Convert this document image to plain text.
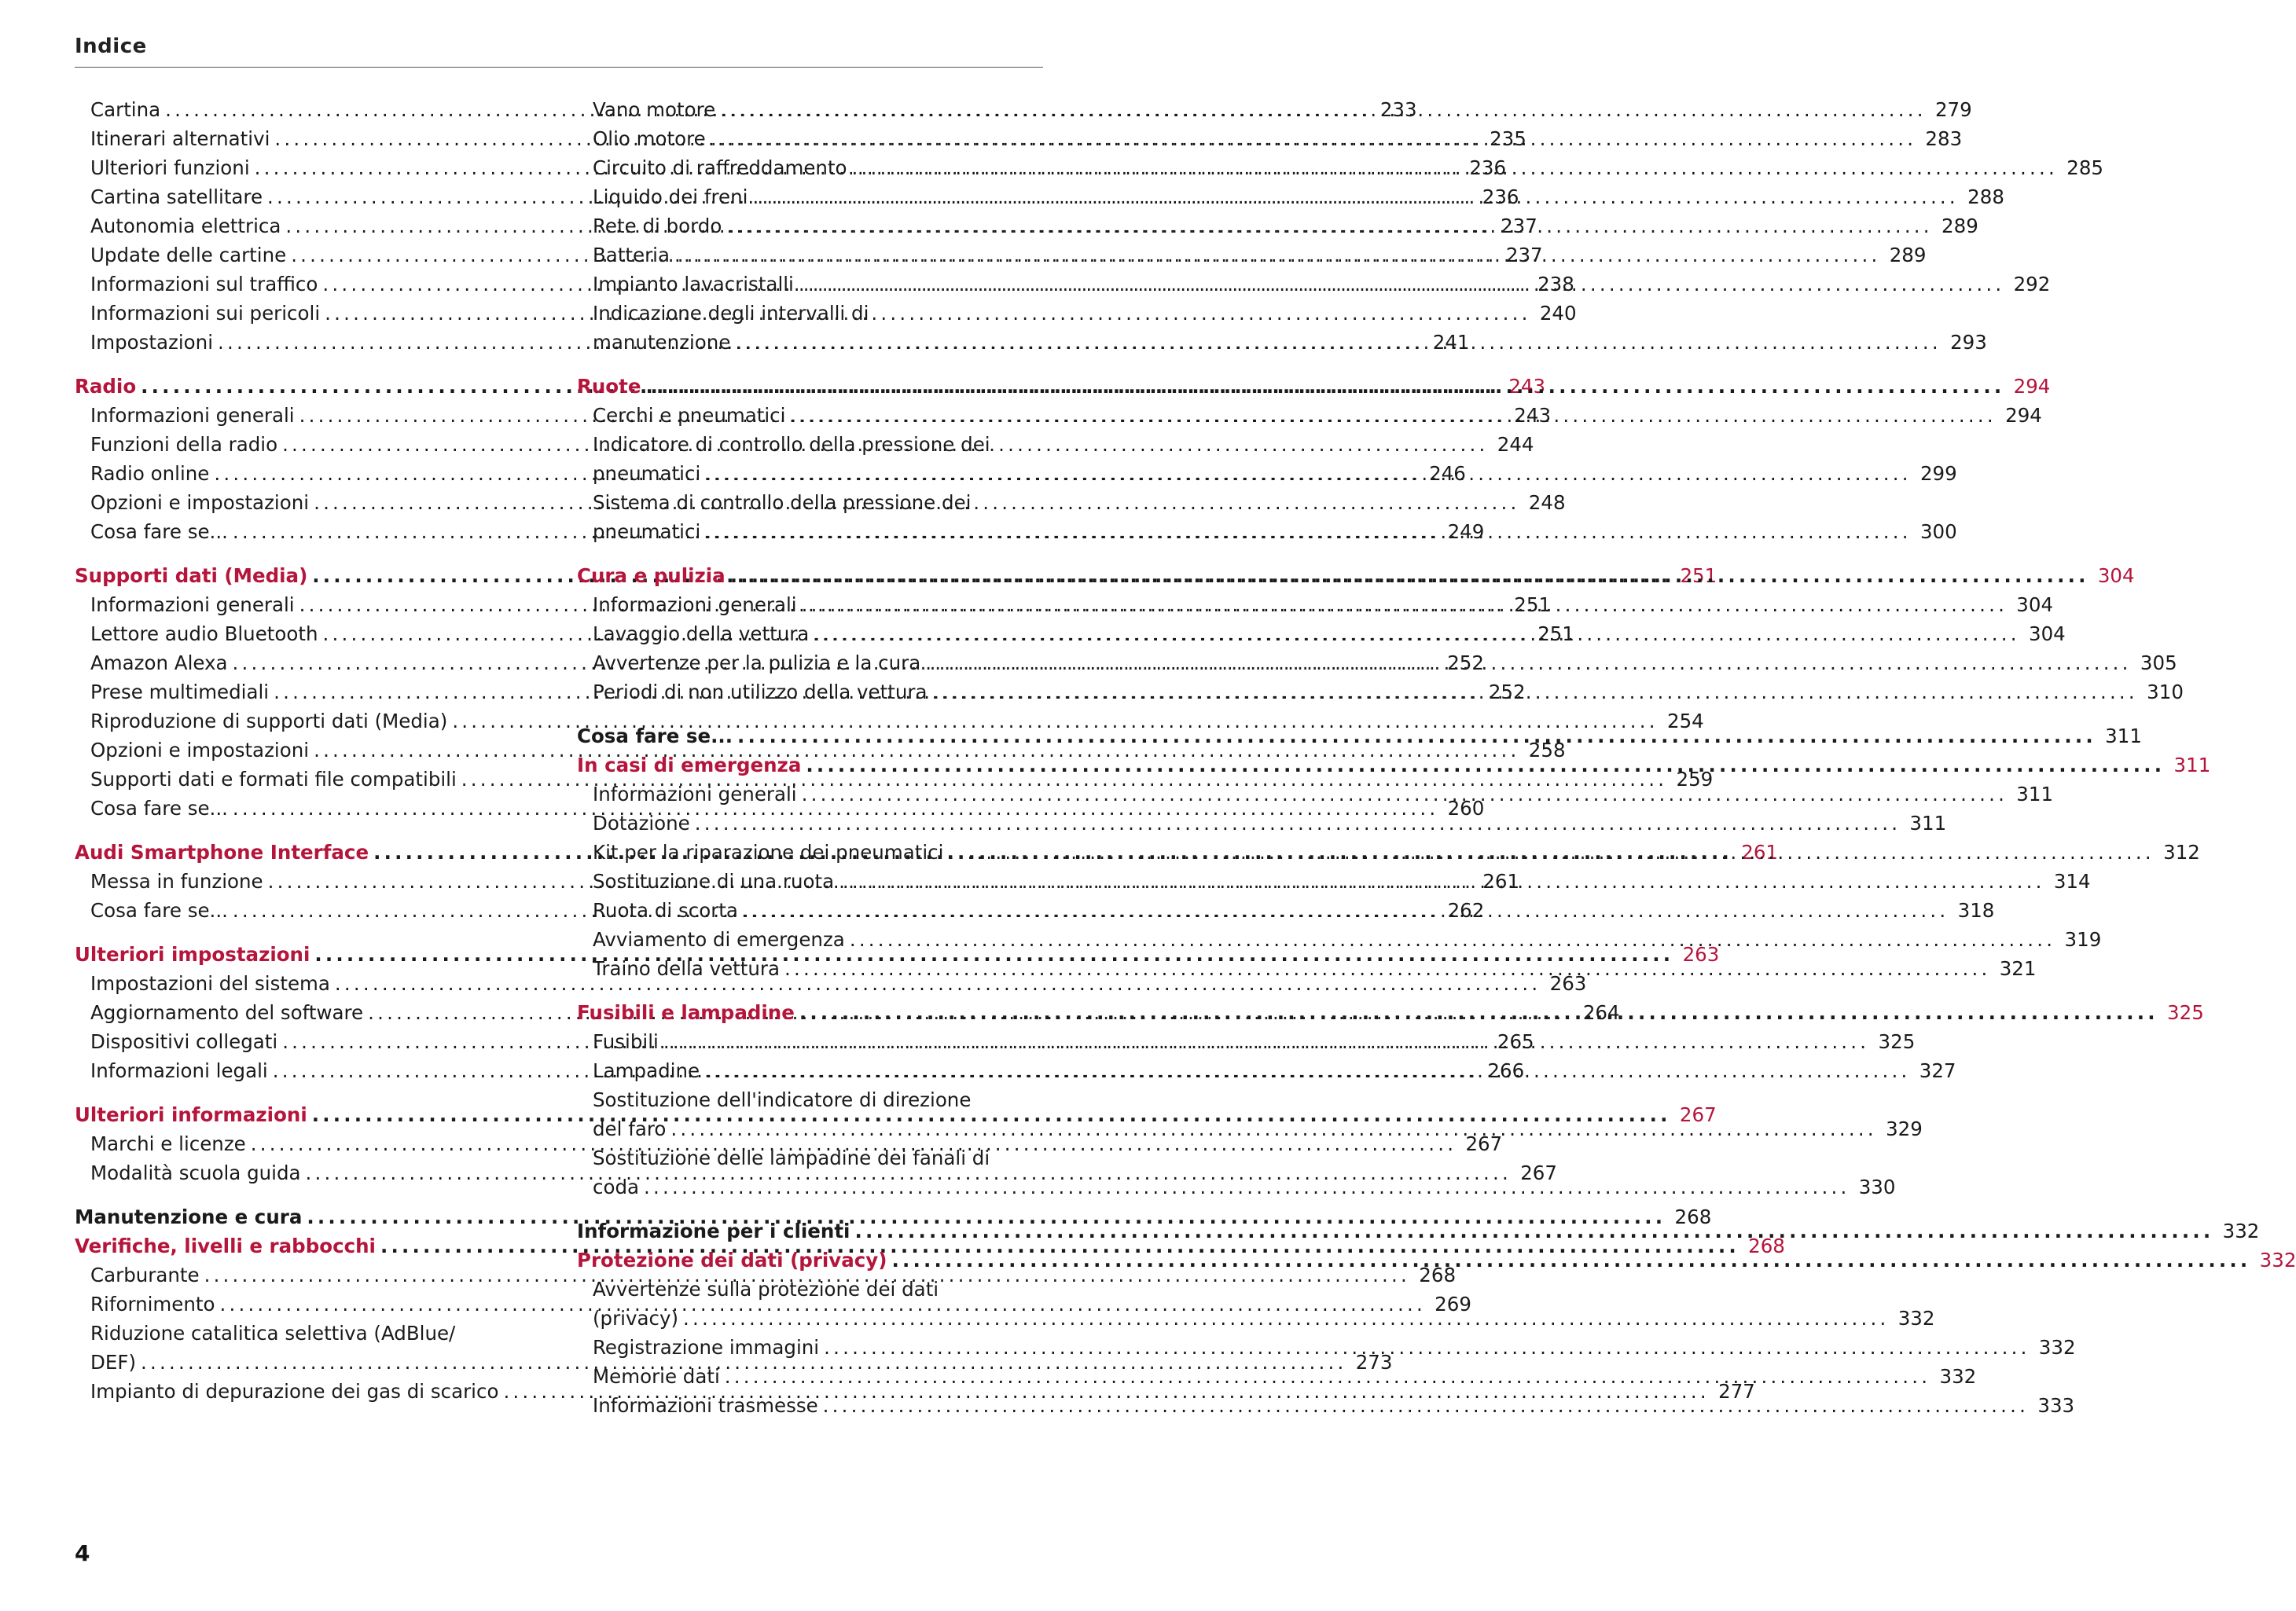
Indice
Cartina .....	233
Itinerari alternativi .....	235
Ulteriori funzioni .....	236
Cartina satellitare .....	236
Autonomia elettrica .....	237
Update delle cartine .....	237
Informazioni sul traffico .....	238
Informazioni sui pericoli .....	240
Impostazioni .....	241
Radio .....	243
Informazioni generali .....	243
Funzioni della radio .....	244
Radio online .....	246
Opzioni e impostazioni .....	248
Cosa fare se... .....	249
Supporti dati (Media) .....	251
Informazioni generali .....	251
Lettore audio Bluetooth .....	251
Amazon Alexa .....	252
Prese multimediali .....	252
Riproduzione di supporti dati (Media) .....	254
Opzioni e impostazioni .....	258
Supporti dati e formati file compatibili .....	259
Cosa fare se... .....	260
Audi Smartphone Interface .....	261
Messa in funzione .....	261
Cosa fare se... .....	262
Ulteriori impostazioni .....	263
Impostazioni del sistema .....	263
Aggiornamento del software .....	264
Dispositivi collegati .....	265
Informazioni legali .....	266
Ulteriori informazioni .....	267
Marchi e licenze .....	267
Modalità scuola guida .....	267
Manutenzione e cura .....	268
Verifiche, livelli e rabbocchi .....	268
Carburante .....	268
Rifornimento .....	269
Riduzione catalitica selettiva (AdBlue/
DEF) .....	273
Impianto di depurazione dei gas di scarico .....	277
Vano motore .....	279
Olio motore .....	283
Circuito di raffreddamento .....	285
Liquido dei freni .....	288
Rete di bordo .....	289
Batteria .....	289
Impianto lavacristalli .....	292
Indicazione degli intervalli di
manutenzione .....	293
Ruote .....	294
Cerchi e pneumatici .....	294
Indicatore di controllo della pressione dei
pneumatici .....	299
Sistema di controllo della pressione dei
pneumatici .....	300
Cura e pulizia .....	304
Informazioni generali .....	304
Lavaggio della vettura .....	304
Avvertenze per la pulizia e la cura .....	305
Periodi di non utilizzo della vettura .....	310
Cosa fare se... .....	311
In casi di emergenza .....	311
Informazioni generali .....	311
Dotazione .....	311
Kit per la riparazione dei pneumatici .....	312
Sostituzione di una ruota .....	314
Ruota di scorta .....	318
Avviamento di emergenza .....	319
Traino della vettura .....	321
Fusibili e lampadine .....	325
Fusibili .....	325
Lampadine .....	327
Sostituzione dell'indicatore di direzione
del faro .....	329
Sostituzione delle lampadine dei fanali di
coda .....	330
Informazione per i clienti .....	332
Protezione dei dati (privacy) .....	332
Avvertenze sulla protezione dei dati
(privacy) .....	332
Registrazione immagini .....	332
Memorie dati .....	332
Informazioni trasmesse .....	333
4
